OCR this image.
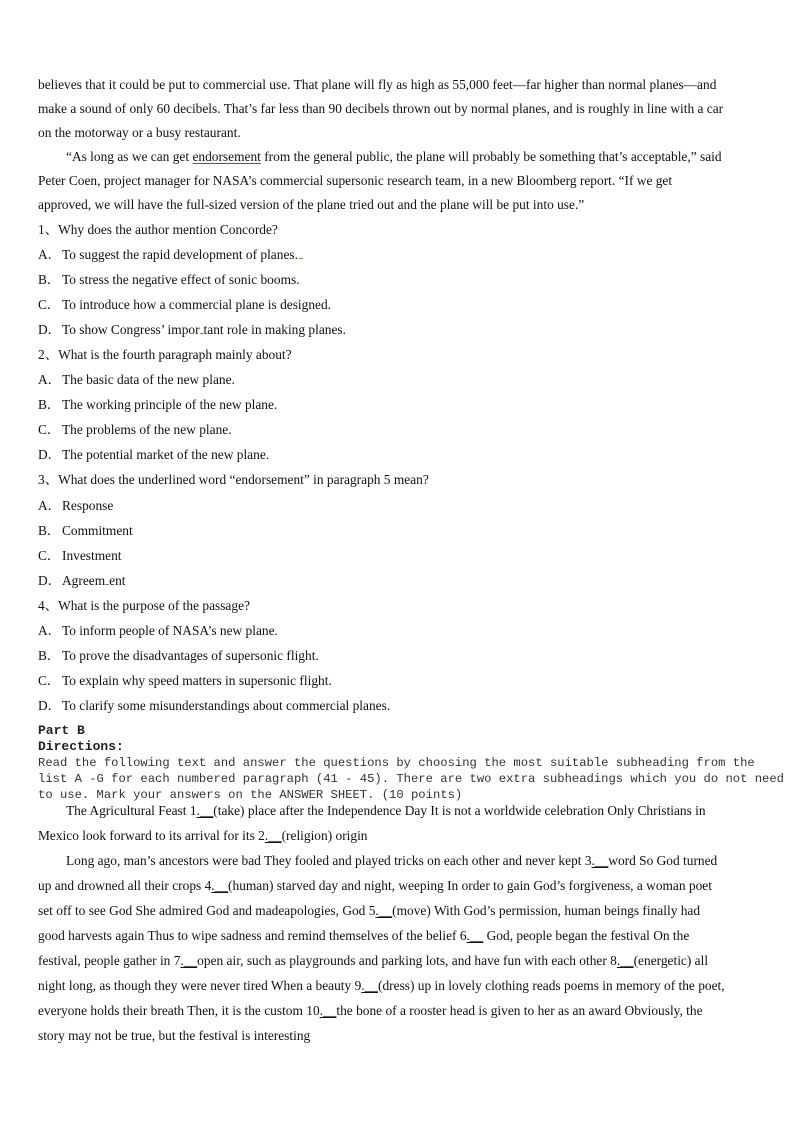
believes that it could be put to commercial use. That plane will fly as high as 55,000 feet—far higher than normal planes—and
make a sound of only 60 decibels. That’s far less than 90 decibels thrown out by normal planes, and is roughly in line with a car
on the motorway or a busy restaurant.
“As long as we can get endorsement from the general public, the plane will probably be something that’s acceptable,” said
Peter Coen, project manager for NASA’s commercial supersonic research team, in a new Bloomberg report. “If we get
approved, we will have the full-sized version of the plane tried out and the plane will be put into use.”
1、Why does the author mention Concorde?
A．To suggest the rapid development of planes.
B． To stress the negative effect of sonic booms.
C． To introduce how a commercial plane is designed.
D．To show Congress’ impor tant role in making planes.
2、What is the fourth paragraph mainly about?
A．The basic data of the new plane.
B． The working principle of the new plane.
C． The problems of the new plane.
D．The potential market of the new plane.
3、What does the underlined word “endorsement” in paragraph 5 mean?
A．Response
B． Commitment
C． Investment
D．Agreem ent
4、What is the purpose of the passage?
A．To inform people of NASA’s new plane.
B． To prove the disadvantages of supersonic flight.
C． To explain why speed matters in supersonic flight.
D．To clarify some misunderstandings about commercial planes.
Part B
Directions:
Read the following text and answer the questions by choosing the most suitable subheading from the
list A -G for each numbered paragraph (41 - 45). There are two extra subheadings which you do not need
to use. Mark your answers on the ANSWER SHEET. (10 points)
The Agricultural Feast 1.__(take) place after the Independence Day It is not a worldwide celebration Only Christians in
Mexico look forward to its arrival for its 2.__(religion) origin
Long ago, man’s ancestors were bad They fooled and played tricks on each other and never kept 3.__word So God turned
up and drowned all their crops 4.__(human) starved day and night, weeping In order to gain God’s forgiveness, a woman poet
set off to see God She admired God and madeapologies, God 5.__(move) With God’s permission, human beings finally had
good harvests again Thus to wipe sadness and remind themselves of the belief 6.__ God, people began the festival On the
festival, people gather in 7.__open air, such as playgrounds and parking lots, and have fun with each other 8.__(energetic) all
night long, as though they were never tired When a beauty 9.__(dress) up in lovely clothing reads poems in memory of the poet,
everyone holds their breath Then, it is the custom 10.__the bone of a rooster head is given to her as an award Obviously, the
story may not be true, but the festival is interesting
